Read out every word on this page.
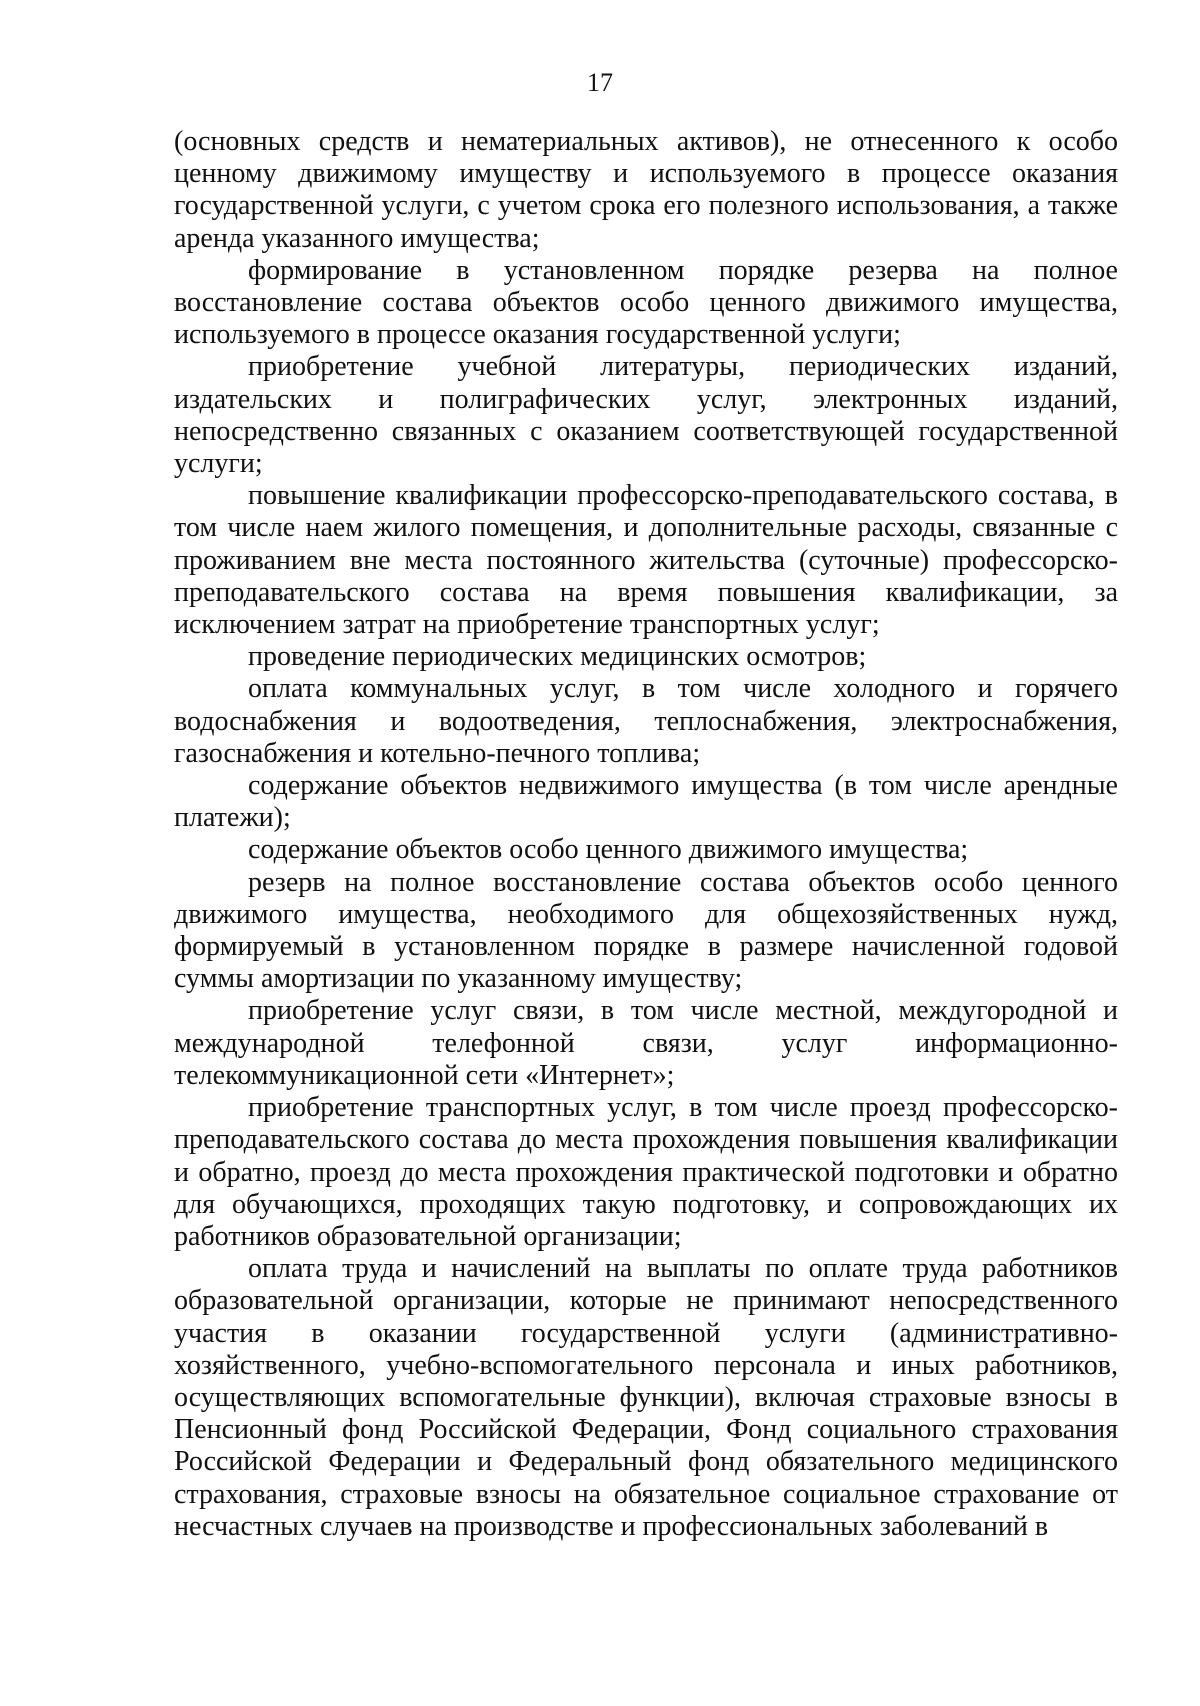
17

(основных средств и нематериальных активов), не отнесенного к особо ценному движимому имуществу и используемого в процессе оказания государственной услуги, с учетом срока его полезного использования, а также аренда указанного имущества;

формирование в установленном порядке резерва на полное восстановление состава объектов особо ценного движимого имущества, используемого в процессе оказания государственной услуги;

приобретение учебной литературы, периодических изданий, издательских и полиграфических услуг, электронных изданий, непосредственно связанных с оказанием соответствующей государственной услуги;

повышение квалификации профессорско-преподавательского состава, в том числе наем жилого помещения, и дополнительные расходы, связанные с проживанием вне места постоянного жительства (суточные) профессорско-преподавательского состава на время повышения квалификации, за исключением затрат на приобретение транспортных услуг;

проведение периодических медицинских осмотров;

оплата коммунальных услуг, в том числе холодного и горячего водоснабжения и водоотведения, теплоснабжения, электроснабжения, газоснабжения и котельно-печного топлива;

содержание объектов недвижимого имущества (в том числе арендные платежи);

содержание объектов особо ценного движимого имущества;

резерв на полное восстановление состава объектов особо ценного движимого имущества, необходимого для общехозяйственных нужд, формируемый в установленном порядке в размере начисленной годовой суммы амортизации по указанному имуществу;

приобретение услуг связи, в том числе местной, междугородной и международной телефонной связи, услуг информационно-телекоммуникационной сети «Интернет»;

приобретение транспортных услуг, в том числе проезд профессорско-преподавательского состава до места прохождения повышения квалификации и обратно, проезд до места прохождения практической подготовки и обратно для обучающихся, проходящих такую подготовку, и сопровождающих их работников образовательной организации;

оплата труда и начислений на выплаты по оплате труда работников образовательной организации, которые не принимают непосредственного участия в оказании государственной услуги (административно-хозяйственного, учебно-вспомогательного персонала и иных работников, осуществляющих вспомогательные функции), включая страховые взносы в Пенсионный фонд Российской Федерации, Фонд социального страхования Российской Федерации и Федеральный фонд обязательного медицинского страхования, страховые взносы на обязательное социальное страхование от несчастных случаев на производстве и профессиональных заболеваний в
